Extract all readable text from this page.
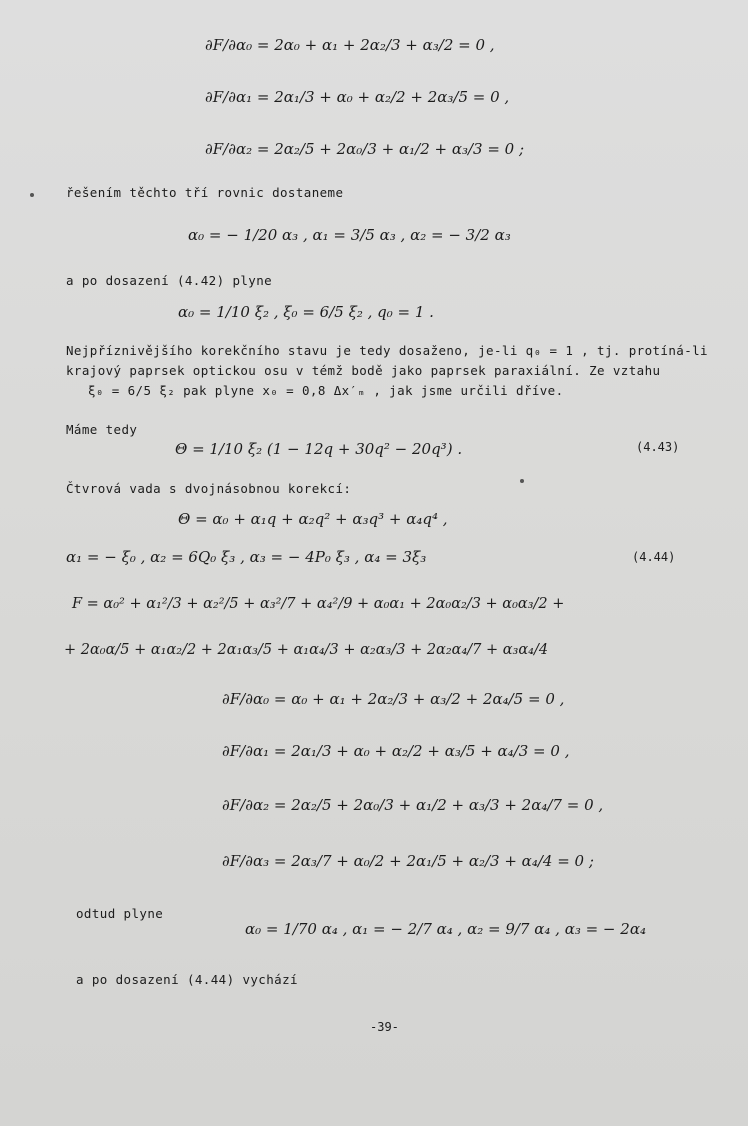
∂F/∂α₀ = 2α₀ + α₁ + 2α₂/3 + α₃/2 = 0 ,
∂F/∂α₁ = 2α₁/3 + α₀ + α₂/2 + 2α₃/5 = 0 ,
∂F/∂α₂ = 2α₂/5 + 2α₀/3 + α₁/2 + α₃/3 = 0 ;
řešením těchto tří rovnic dostaneme
α₀ = − 1/20 α₃ , α₁ = 3/5 α₃ , α₂ = − 3/2 α₃
a po dosazení (4.42) plyne
α₀ = 1/10 ξ₂ , ξ₀ = 6/5 ξ₂ , q₀ = 1 .
Nejpříznivějšího korekčního stavu je tedy dosaženo, je-li q₀ = 1 , tj. protíná-li
krajový paprsek optickou osu v témž bodě jako paprsek paraxiální. Ze vztahu
ξ₀ = 6/5 ξ₂ pak plyne x₀ = 0,8 Δx′ₘ , jak jsme určili dříve.
Máme tedy
Θ = 1/10 ξ₂ (1 − 12q + 30q² − 20q³) .	(4.43)
Čtvrová vada s dvojnásobnou korekcí:
Θ = α₀ + α₁q + α₂q² + α₃q³ + α₄q⁴ ,
α₁ = − ξ₀ , α₂ = 6Q₀ ξ₃ , α₃ = − 4P₀ ξ₃ , α₄ = 3ξ₃	(4.44)
F = α₀² + α₁²/3 + α₂²/5 + α₃²/7 + α₄²/9 + α₀α₁ + 2α₀α₂/3 + α₀α₃/2 +
+ 2α₀α/5 + α₁α₂/2 + 2α₁α₃/5 + α₁α₄/3 + α₂α₃/3 + 2α₂α₄/7 + α₃α₄/4
∂F/∂α₀ = α₀ + α₁ + 2α₂/3 + α₃/2 + 2α₄/5 = 0 ,
∂F/∂α₁ = 2α₁/3 + α₀ + α₂/2 + α₃/5 + α₄/3 = 0 ,
∂F/∂α₂ = 2α₂/5 + 2α₀/3 + α₁/2 + α₃/3 + 2α₄/7 = 0 ,
∂F/∂α₃ = 2α₃/7 + α₀/2 + 2α₁/5 + α₂/3 + α₄/4 = 0 ;
odtud plyne
α₀ = 1/70 α₄ , α₁ = − 2/7 α₄ , α₂ = 9/7 α₄ , α₃ = − 2α₄
a po dosazení (4.44) vychází
-39-
